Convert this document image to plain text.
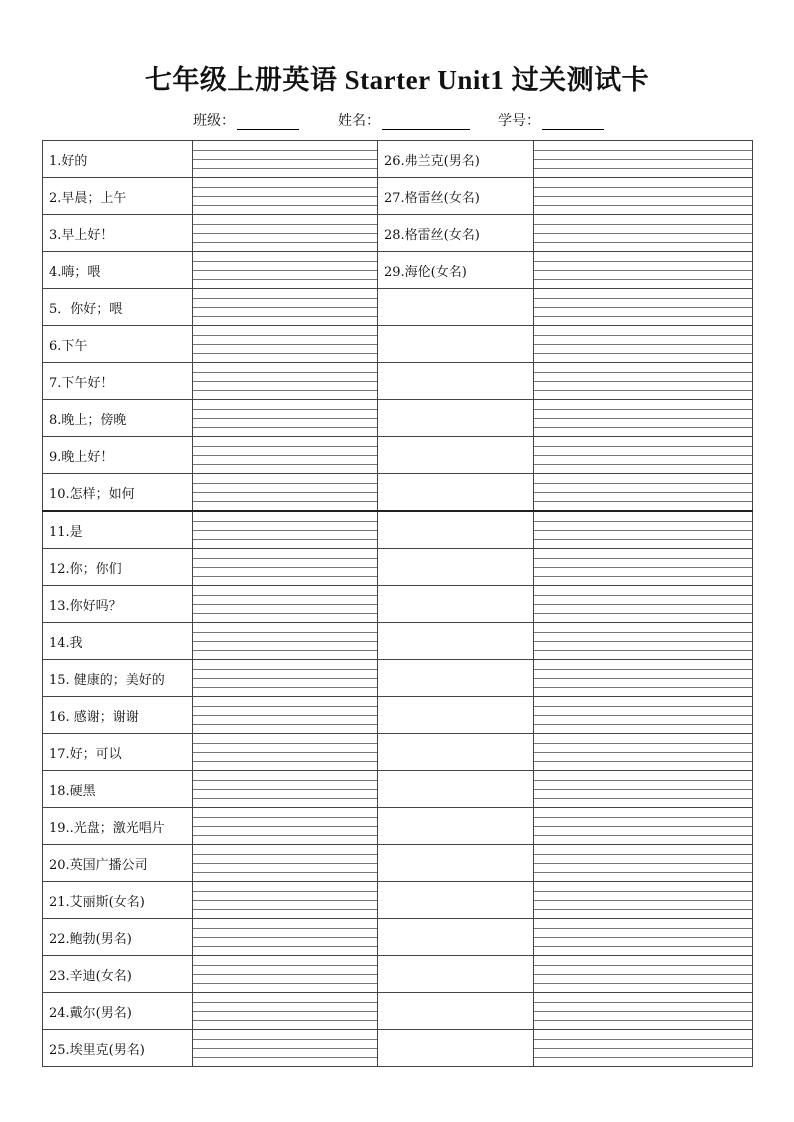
七年级上册英语 Starter Unit1 过关测试卡
班级：	姓名：	学号：
1.好的		26.弗兰克(男名)	

2.早晨；上午		27.格雷丝(女名)	

3.早上好！		28.格雷丝(女名)	

4.嗨；喂		29.海伦(女名)	

5．你好；喂	

6.下午	

7.下午好！	

8.晚上；傍晚	

9.晚上好！	

10.怎样；如何	

11.是	

12.你；你们	

13.你好吗？	

14.我	

15. 健康的；美好的	

16. 感谢；谢谢	

17.好；可以	

18.硬黑	

19..光盘；激光唱片	

20.英国广播公司	

21.艾丽斯(女名)	

22.鲍勃(男名)	

23.辛迪(女名)	

24.戴尔(男名)	

25.埃里克(男名)	
